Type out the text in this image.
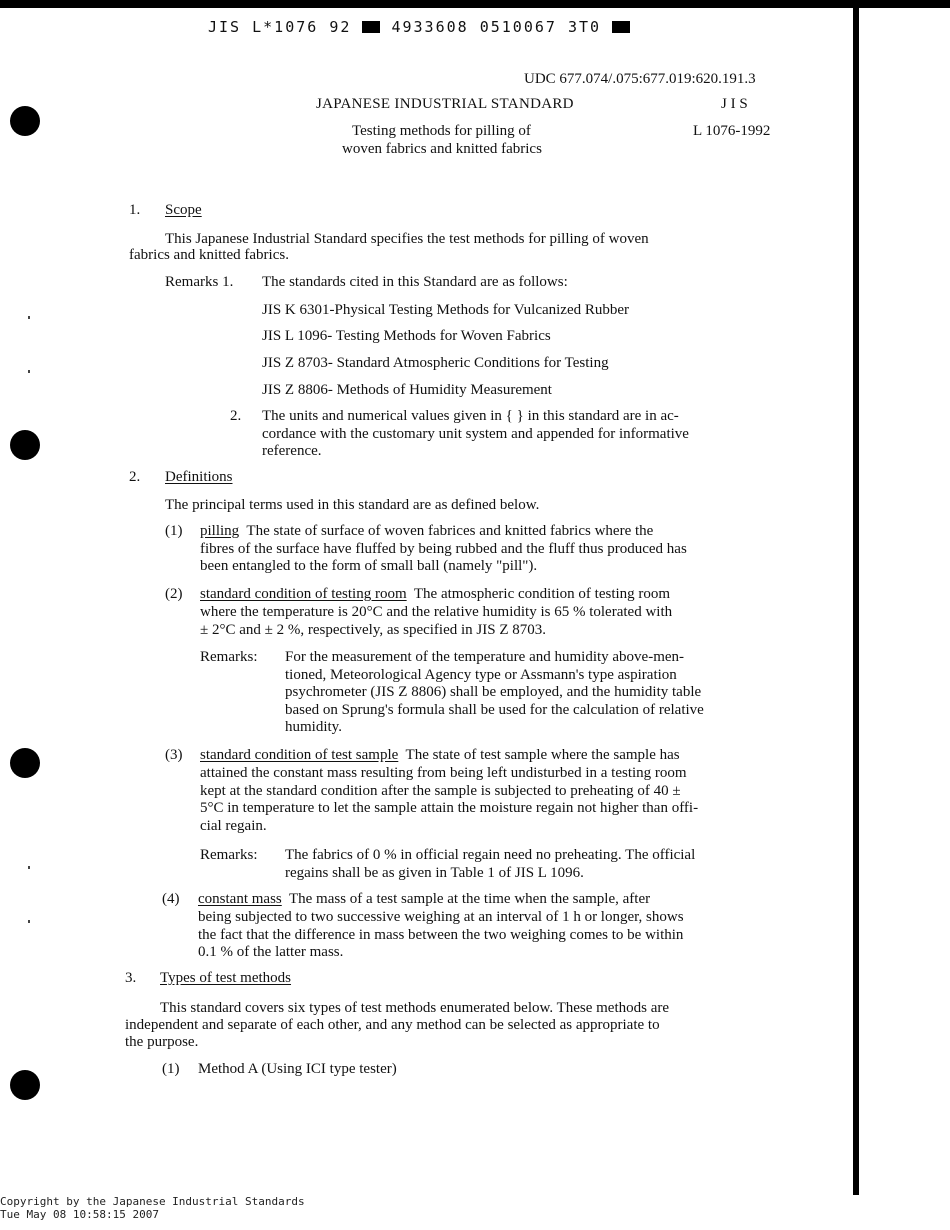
JIS L*1076 92	4933608 0510067 3T0
UDC 677.074/.075:677.019:620.191.3
JAPANESE INDUSTRIAL STANDARD	J I S
Testing methods for pilling of	L 1076-1992
woven fabrics and knitted fabrics
1. Scope
This Japanese Industrial Standard specifies the test methods for pilling of woven
fabrics and knitted fabrics.
Remarks 1. The standards cited in this Standard are as follows:
JIS K 6301-Physical Testing Methods for Vulcanized Rubber
JIS L 1096- Testing Methods for Woven Fabrics
JIS Z 8703- Standard Atmospheric Conditions for Testing
JIS Z 8806- Methods of Humidity Measurement
2. The units and numerical values given in { } in this standard are in ac-
cordance with the customary unit system and appended for informative
reference.
2. Definitions
The principal terms used in this standard are as defined below.
(1) pilling  The state of surface of woven fabrices and knitted fabrics where the
fibres of the surface have fluffed by being rubbed and the fluff thus produced has
been entangled to the form of small ball (namely "pill").
(2) standard condition of testing room  The atmospheric condition of testing room
where the temperature is 20°C and the relative humidity is 65 % tolerated with
± 2°C and ± 2 %, respectively, as specified in JIS Z 8703.
Remarks: For the measurement of the temperature and humidity above-men-
tioned, Meteorological Agency type or Assmann's type aspiration
psychrometer (JIS Z 8806) shall be employed, and the humidity table
based on Sprung's formula shall be used for the calculation of relative
humidity.
(3) standard condition of test sample  The state of test sample where the sample has
attained the constant mass resulting from being left undisturbed in a testing room
kept at the standard condition after the sample is subjected to preheating of 40 ±
5°C in temperature to let the sample attain the moisture regain not higher than offi-
cial regain.
Remarks: The fabrics of 0 % in official regain need no preheating. The official
regains shall be as given in Table 1 of JIS L 1096.
(4) constant mass  The mass of a test sample at the time when the sample, after
being subjected to two successive weighing at an interval of 1 h or longer, shows
the fact that the difference in mass between the two weighing comes to be within
0.1 % of the latter mass.
3. Types of test methods
This standard covers six types of test methods enumerated below. These methods are
independent and separate of each other, and any method can be selected as appropriate to
the purpose.
(1) Method A (Using ICI type tester)
Copyright by the Japanese Industrial Standards
Tue May 08 10:58:15 2007
